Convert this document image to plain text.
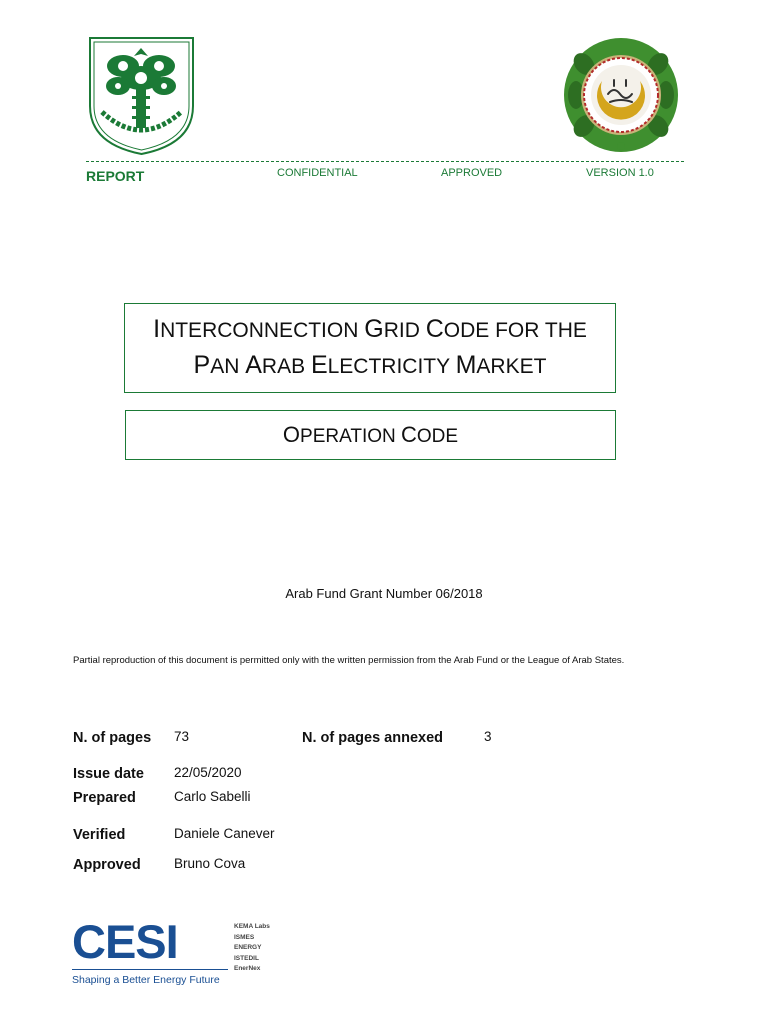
REPORT	CONFIDENTIAL	APPROVED	VERSION 1.0
INTERCONNECTION GRID CODE FOR THE
PAN ARAB ELECTRICITY MARKET
OPERATION CODE
Arab Fund Grant Number 06/2018
Partial reproduction of this document is permitted only with the written permission from the Arab Fund or the League of Arab States.
N. of pages 73	N. of pages annexed	3
Issue date 22/05/2020
Prepared	Carlo Sabelli
Verified	Daniele Canever
Approved Bruno Cova
CESI
Shaping a Better Energy Future
KEMA Labs
ISMES
ENERGY
ISTEDIL
EnerNex
